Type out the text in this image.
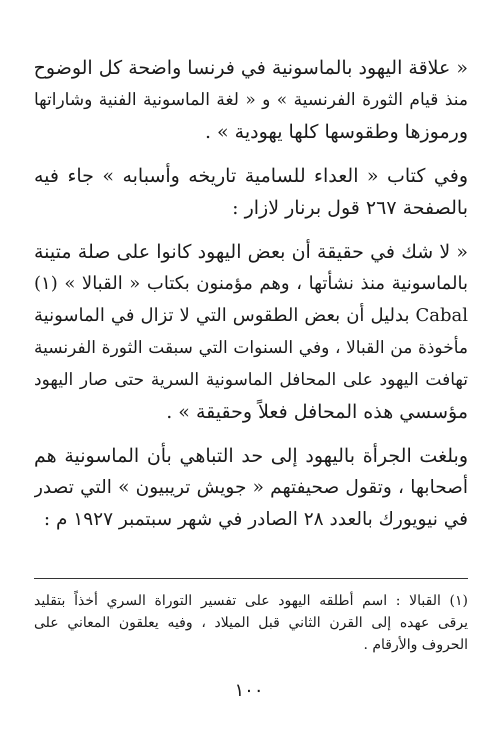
« علاقة اليهود بالماسونية في فرنسا واضحة كل الوضوح
منذ قيام الثورة الفرنسية » و « لغة الماسونية الفنية وشاراتها
ورموزها وطقوسها كلها يهودية » .
وفي كتاب « العداء للسامية تاريخه وأسبابه » جاء فيه
بالصفحة ٢٦٧ قول برنار لازار :
« لا شك في حقيقة أن بعض اليهود كانوا على صلة متينة
بالماسونية منذ نشأتها ، وهم مؤمنون بكتاب « القبالا » (١)
Cabal بدليل أن بعض الطقوس التي لا تزال في الماسونية
مأخوذة من القبالا ، وفي السنوات التي سبقت الثورة الفرنسية
تهافت اليهود على المحافل الماسونية السرية حتى صار اليهود
مؤسسي هذه المحافل فعلاً وحقيقة » .
وبلغت الجرأة باليهود إلى حد التباهي بأن الماسونية هم
أصحابها ، وتقول صحيفتهم « جويش تريبيون » التي تصدر
في نيويورك بالعدد ٢٨ الصادر في شهر سبتمبر ١٩٢٧ م :
(١) القبالا : اسم أطلقه اليهود على تفسير التوراة السري أخذاً بتقليد
يرقى عهده إلى القرن الثاني قبل الميلاد ، وفيه يعلقون المعاني على
الحروف والأرقام .
١٠٠
